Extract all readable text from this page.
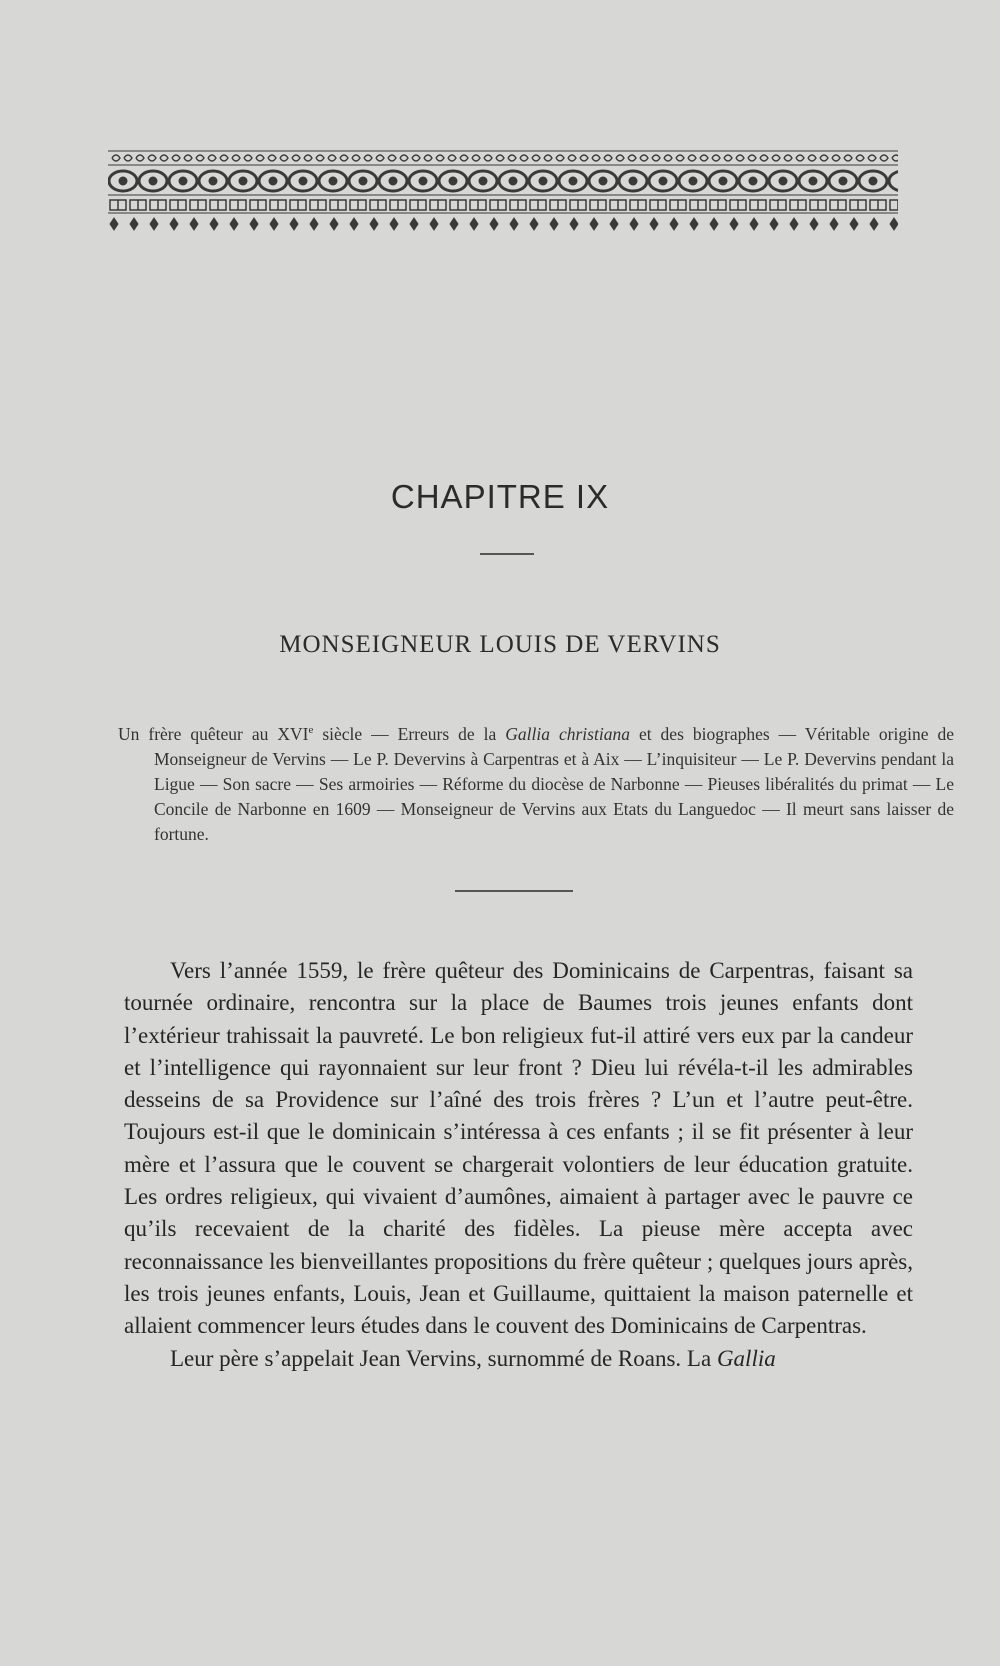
CHAPITRE IX
MONSEIGNEUR LOUIS DE VERVINS
Un frère quêteur au XVIe siècle — Erreurs de la Gallia christiana et des biographes — Véritable origine de Monseigneur de Vervins — Le P. Devervins à Carpentras et à Aix — L’inquisiteur — Le P. Devervins pendant la Ligue — Son sacre — Ses armoiries — Réforme du diocèse de Narbonne — Pieuses libéralités du primat — Le Concile de Narbonne en 1609 — Monseigneur de Vervins aux Etats du Languedoc — Il meurt sans laisser de fortune.

Vers l’année 1559, le frère quêteur des Dominicains de Carpentras, faisant sa tournée ordinaire, rencontra sur la place de Baumes trois jeunes enfants dont l’extérieur trahissait la pauvreté. Le bon religieux fut-il attiré vers eux par la candeur et l’intelligence qui rayonnaient sur leur front ? Dieu lui révéla-t-il les admirables desseins de sa Providence sur l’aîné des trois frères ? L’un et l’autre peut-être. Toujours est-il que le dominicain s’intéressa à ces enfants ; il se fit présenter à leur mère et l’assura que le couvent se chargerait volontiers de leur éducation gratuite. Les ordres religieux, qui vivaient d’aumônes, aimaient à partager avec le pauvre ce qu’ils recevaient de la charité des fidèles. La pieuse mère accepta avec reconnaissance les bienveillantes propositions du frère quêteur ; quelques jours après, les trois jeunes enfants, Louis, Jean et Guillaume, quittaient la maison paternelle et allaient commencer leurs études dans le couvent des Dominicains de Carpentras.

Leur père s’appelait Jean Vervins, surnommé de Roans. La Gallia
